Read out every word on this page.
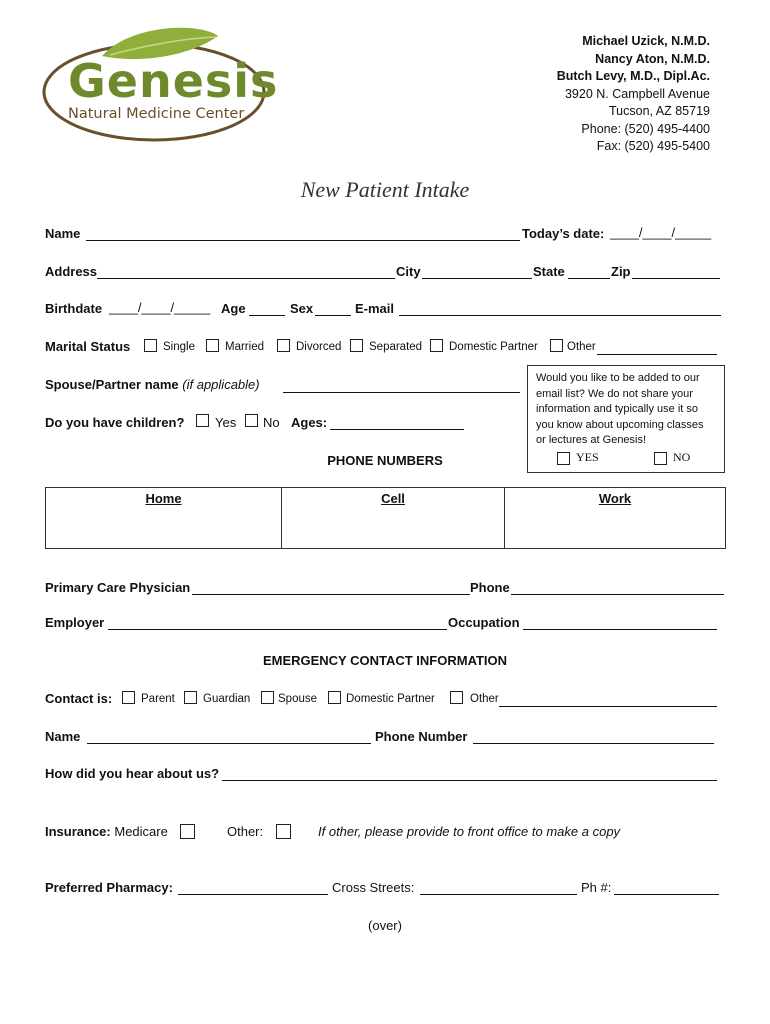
Genesis
Natural Medicine Center
Michael Uzick, N.M.D.
Nancy Aton, N.M.D.
Butch Levy, M.D., Dipl.Ac.
3920 N. Campbell Avenue
Tucson, AZ 85719
Phone: (520) 495-4400
Fax: (520) 495-5400
New Patient Intake
Name	Today’s date: ____/____/_____
Address	City	State	Zip
Birthdate ____/____/_____ Age	Sex	E-mail
Marital Status	Single	Married	Divorced Separated Domestic Partner	Other
Spouse/Partner name (if applicable)	Would you like to be added to our email list? We do not share your information and typically use it so you know about upcoming classes or lectures at Genesis!
YES	NO
Do you have children? Yes No Ages:
PHONE NUMBERS
Home	Cell	Work
Primary Care Physician	Phone
Employer	Occupation
EMERGENCY CONTACT INFORMATION
Contact is:	Parent Guardian Spouse	Domestic Partner	Other
Name	Phone Number
How did you hear about us?
Insurance: Medicare	Other:	If other, please provide to front office to make a copy
Preferred Pharmacy:	Cross Streets:	Ph #:
(over)
